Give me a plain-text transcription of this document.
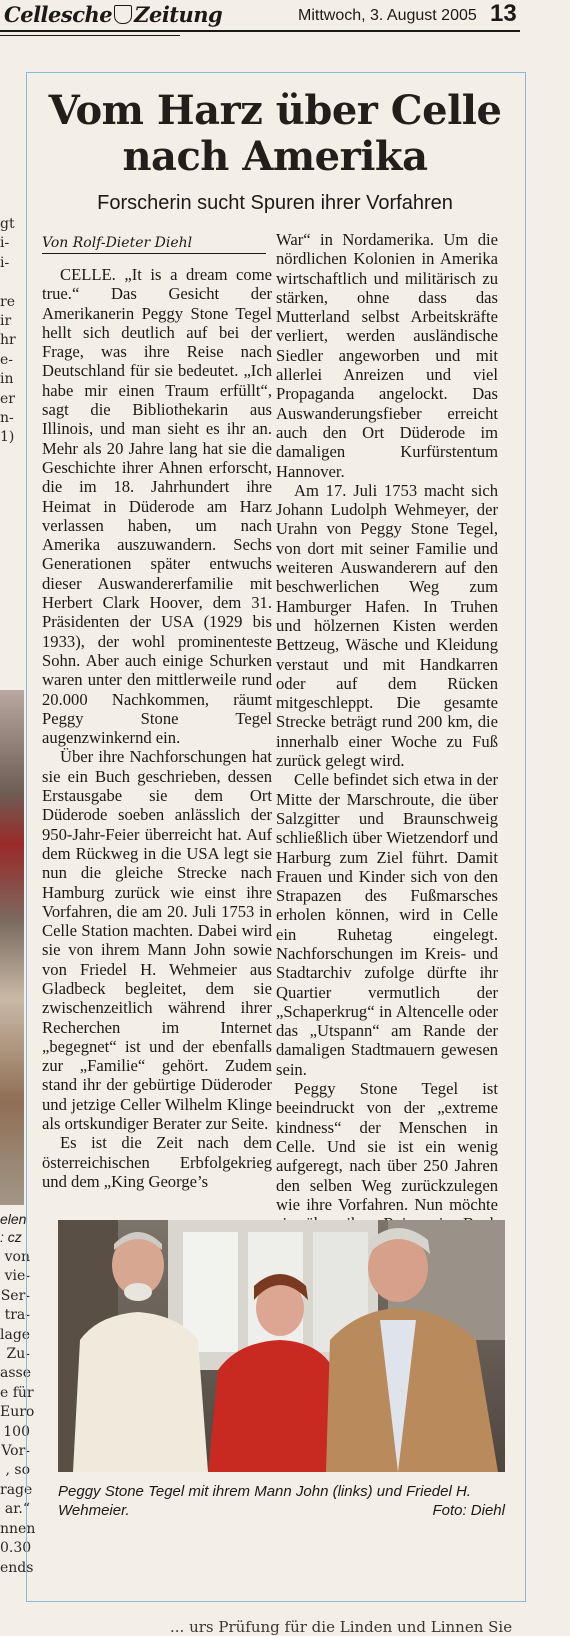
Cellesche Zeitung	Mittwoch, 3. August 2005 13
gt
i-
i-

re
ir
hr
e-
in
er
n-
1)
elen
: cz
von
vie-
Ser-
tra-
lage
Zu-
asse
e für
Euro
100
Vor-
, so
rage
ar.“
nnen
0.30
ends
Vom Harz über Celle
nach Amerika
Forscherin sucht Spuren ihrer Vorfahren
Von Rolf-Dieter Diehl

CELLE. „It is a dream come true.“ Das Gesicht der Amerikanerin Peggy Stone Tegel hellt sich deutlich auf bei der Frage, was ihre Reise nach Deutschland für sie bedeutet. „Ich habe mir einen Traum erfüllt“, sagt die Bibliothekarin aus Illinois, und man sieht es ihr an. Mehr als 20 Jahre lang hat sie die Geschichte ihrer Ahnen erforscht, die im 18. Jahrhundert ihre Heimat in Düderode am Harz verlassen haben, um nach Amerika auszuwandern. Sechs Generationen später entwuchs dieser Auswandererfamilie mit Herbert Clark Hoover, dem 31. Präsidenten der USA (1929 bis 1933), der wohl prominenteste Sohn. Aber auch einige Schurken waren unter den mittlerweile rund 20.000 Nachkommen, räumt Peggy Stone Tegel augenzwinkernd ein.

Über ihre Nachforschungen hat sie ein Buch geschrieben, dessen Erstausgabe sie dem Ort Düderode soeben anlässlich der 950-Jahr-Feier überreicht hat. Auf dem Rückweg in die USA legt sie nun die gleiche Strecke nach Hamburg zurück wie einst ihre Vorfahren, die am 20. Juli 1753 in Celle Station machten. Dabei wird sie von ihrem Mann John sowie von Friedel H. Wehmeier aus Gladbeck begleitet, dem sie zwischenzeitlich während ihrer Recherchen im Internet „begegnet“ ist und der ebenfalls zur „Familie“ gehört. Zudem stand ihr der gebürtige Düderoder und jetzige Celler Wilhelm Klinge als ortskundiger Berater zur Seite.

Es ist die Zeit nach dem österreichischen Erbfolgekrieg und dem „King George’s

War“ in Nordamerika. Um die nördlichen Kolonien in Amerika wirtschaftlich und militärisch zu stärken, ohne dass das Mutterland selbst Arbeitskräfte verliert, werden ausländische Siedler angeworben und mit allerlei Anreizen und viel Propaganda angelockt. Das Auswanderungsfieber erreicht auch den Ort Düderode im damaligen Kurfürstentum Hannover.

Am 17. Juli 1753 macht sich Johann Ludolph Wehmeyer, der Urahn von Peggy Stone Tegel, von dort mit seiner Familie und weiteren Auswanderern auf den beschwerlichen Weg zum Hamburger Hafen. In Truhen und hölzernen Kisten werden Bettzeug, Wäsche und Kleidung verstaut und mit Handkarren oder auf dem Rücken mitgeschleppt. Die gesamte Strecke beträgt rund 200 km, die innerhalb einer Woche zu Fuß zurück gelegt wird.

Celle befindet sich etwa in der Mitte der Marschroute, die über Salzgitter und Braunschweig schließlich über Wietzendorf und Harburg zum Ziel führt. Damit Frauen und Kinder sich von den Strapazen des Fußmarsches erholen können, wird in Celle ein Ruhetag eingelegt. Nachforschungen im Kreis- und Stadtarchiv zufolge dürfte ihr Quartier vermutlich der „Schaperkrug“ in Altencelle oder das „Utspann“ am Rande der damaligen Stadtmauern gewesen sein.

Peggy Stone Tegel ist beeindruckt von der „extreme kindness“ der Menschen in Celle. Und sie ist ein wenig aufgeregt, nach über 250 Jahren den selben Weg zurückzulegen wie ihre Vorfahren. Nun möchte

Peggy Stone Tegel mit ihrem Mann John (links) und Friedel H. Wehmeier.	Foto: Diehl
... urs Prüfung für die Linden und Linnen Sie
